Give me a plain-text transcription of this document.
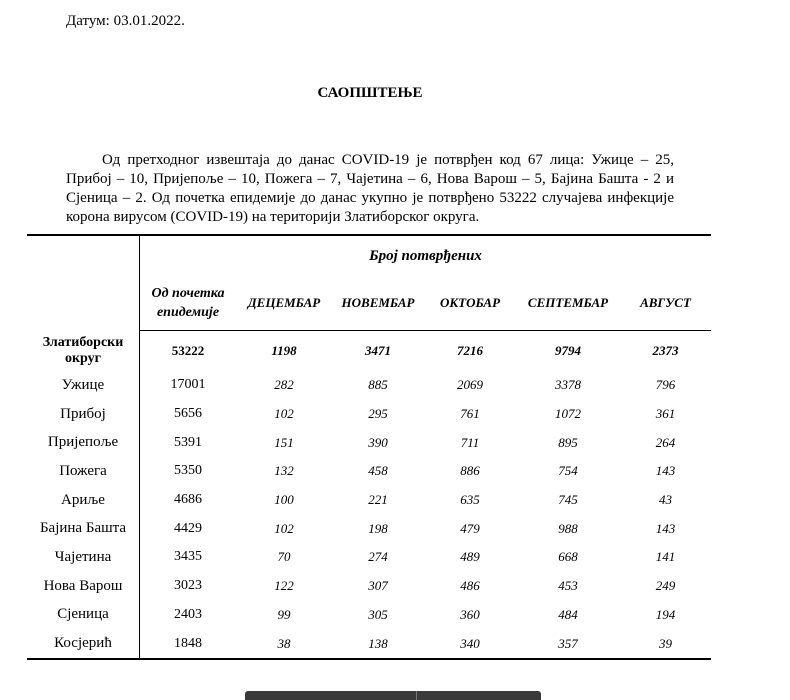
Датум: 03.01.2022.
САОПШТЕЊЕ

Од претходног извештаја до данас COVID-19 је потврђен код 67 лица: Ужице – 25, Прибој – 10, Пријепоље – 10, Пожега – 7, Чајетина – 6, Нова Варош – 5, Бајина Башта - 2 и Сјеница – 2. Од почетка епидемије до данас укупно је потврђено 53222 случајева инфекције корона вирусом (COVID-19) на територији Златиборског округа.

	Број потврђених					
	Од почетка епидемије	ДЕЦЕМБАР	НОВЕМБАР	ОКТОБАР	СЕПТЕМБАР	АВГУСТ
Златиборски округ	53222	1198	3471	7216	9794	2373
Ужице	17001	282	885	2069	3378	796
Прибој	5656	102	295	761	1072	361
Пријепоље	5391	151	390	711	895	264
Пожега	5350	132	458	886	754	143
Ариље	4686	100	221	635	745	43
Бајина Башта	4429	102	198	479	988	143
Чајетина	3435	70	274	489	668	141
Нова Варош	3023	122	307	486	453	249
Сјеница	2403	99	305	360	484	194
Косјерић	1848	38	138	340	357	39
